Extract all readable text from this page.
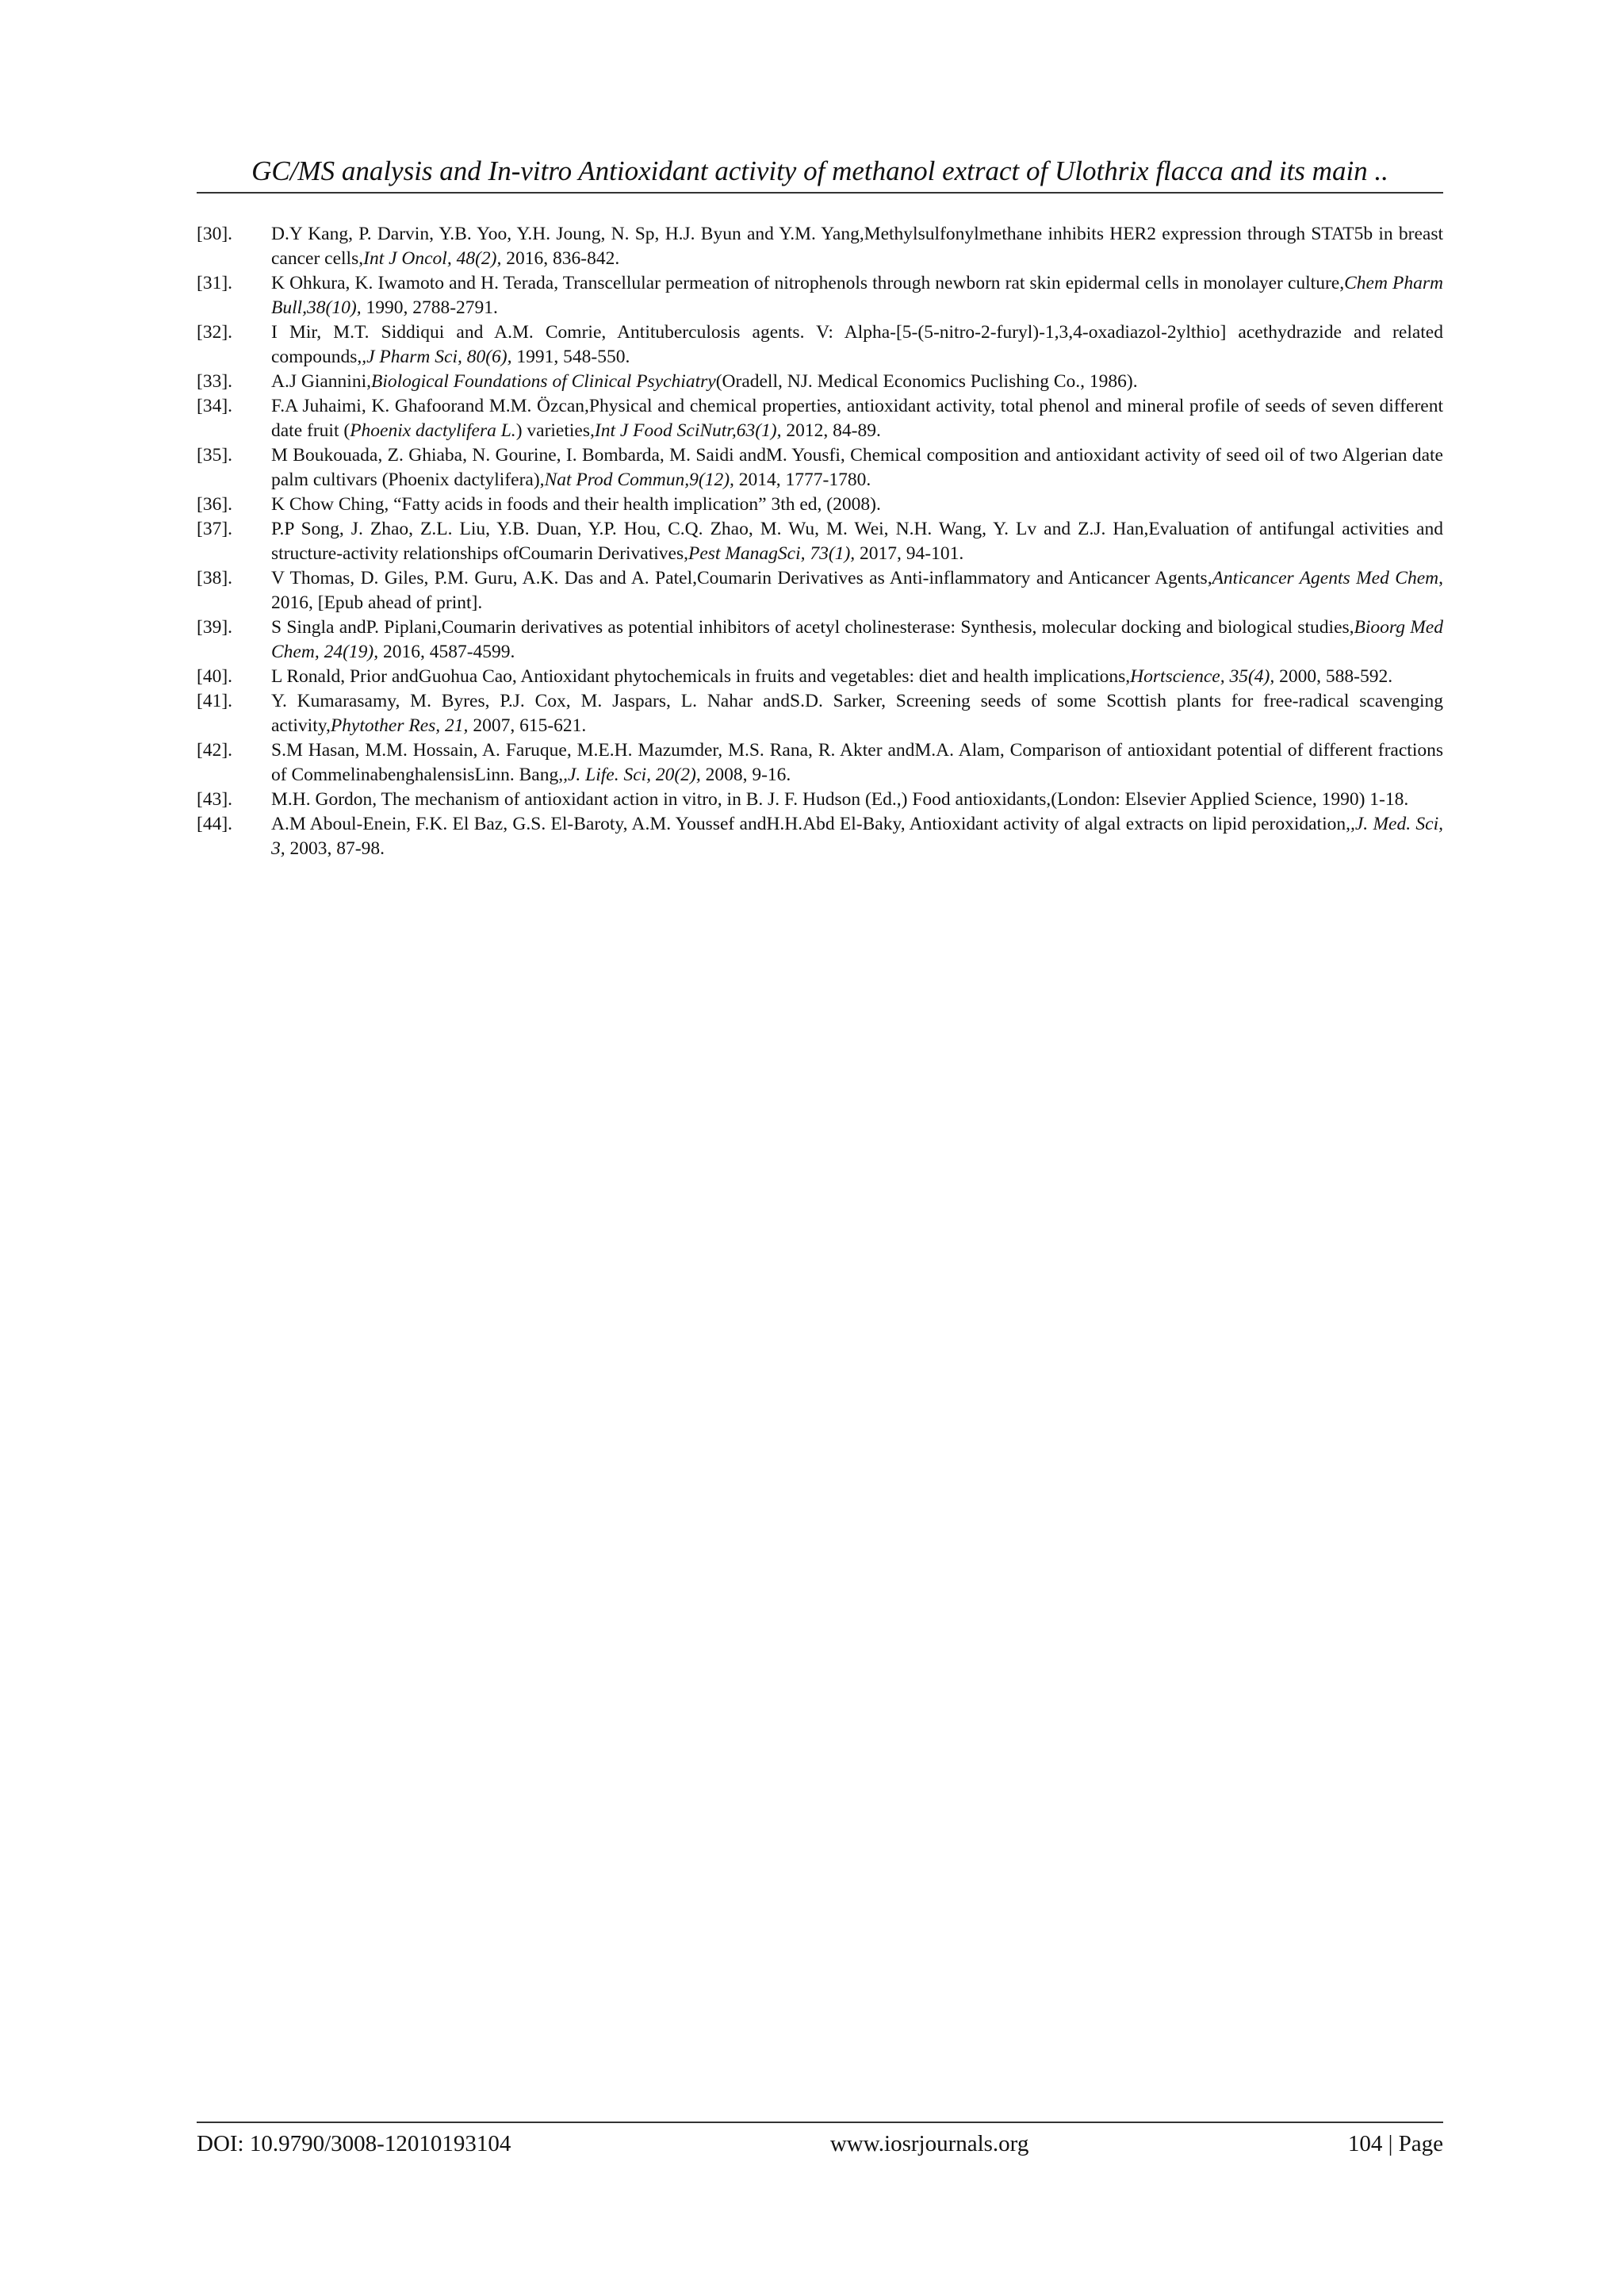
GC/MS analysis and In-vitro Antioxidant activity of methanol extract of Ulothrix flacca and its main ..
[30].	D.Y Kang, P. Darvin, Y.B. Yoo, Y.H. Joung, N. Sp, H.J. Byun and Y.M. Yang,Methylsulfonylmethane inhibits HER2 expression through STAT5b in breast cancer cells,Int J Oncol, 48(2), 2016, 836-842.
[31].	K Ohkura, K. Iwamoto and H. Terada, Transcellular permeation of nitrophenols through newborn rat skin epidermal cells in monolayer culture,Chem Pharm Bull,38(10), 1990, 2788-2791.
[32].	I Mir, M.T. Siddiqui and A.M. Comrie, Antituberculosis agents. V: Alpha-[5-(5-nitro-2-furyl)-1,3,4-oxadiazol-2ylthio] acethydrazide and related compounds,,J Pharm Sci, 80(6), 1991, 548-550.
[33].	A.J Giannini,Biological Foundations of Clinical Psychiatry(Oradell, NJ. Medical Economics Puclishing Co., 1986).
[34].	F.A Juhaimi, K. Ghafoorand M.M. Özcan,Physical and chemical properties, antioxidant activity, total phenol and mineral profile of seeds of seven different date fruit (Phoenix dactylifera L.) varieties,Int J Food SciNutr,63(1), 2012, 84-89.
[35].	M Boukouada, Z. Ghiaba, N. Gourine, I. Bombarda, M. Saidi andM. Yousfi, Chemical composition and antioxidant activity of seed oil of two Algerian date palm cultivars (Phoenix dactylifera),Nat Prod Commun,9(12), 2014, 1777-1780.
[36].	K Chow Ching, “Fatty acids in foods and their health implication” 3th ed, (2008).
[37].	P.P Song, J. Zhao, Z.L. Liu, Y.B. Duan, Y.P. Hou, C.Q. Zhao, M. Wu, M. Wei, N.H. Wang, Y. Lv and Z.J. Han,Evaluation of antifungal activities and structure-activity relationships ofCoumarin Derivatives,Pest ManagSci, 73(1), 2017, 94-101.
[38].	V Thomas, D. Giles, P.M. Guru, A.K. Das and A. Patel,Coumarin Derivatives as Anti-inflammatory and Anticancer Agents,Anticancer Agents Med Chem, 2016, [Epub ahead of print].
[39].	S Singla andP. Piplani,Coumarin derivatives as potential inhibitors of acetyl cholinesterase: Synthesis, molecular docking and biological studies,Bioorg Med Chem, 24(19), 2016, 4587-4599.
[40].	L Ronald, Prior andGuohua Cao, Antioxidant phytochemicals in fruits and vegetables: diet and health implications,Hortscience, 35(4), 2000, 588-592.
[41].	Y. Kumarasamy, M. Byres, P.J. Cox, M. Jaspars, L. Nahar andS.D. Sarker, Screening seeds of some Scottish plants for free-radical scavenging activity,Phytother Res, 21, 2007, 615-621.
[42].	S.M Hasan, M.M. Hossain, A. Faruque, M.E.H. Mazumder, M.S. Rana, R. Akter andM.A. Alam, Comparison of antioxidant potential of different fractions of CommelinabenghalensisLinn. Bang,,J. Life. Sci, 20(2), 2008, 9-16.
[43].	M.H. Gordon, The mechanism of antioxidant action in vitro, in B. J. F. Hudson (Ed.,) Food antioxidants,(London: Elsevier Applied Science, 1990) 1-18.
[44].	A.M Aboul-Enein, F.K. El Baz, G.S. El-Baroty, A.M. Youssef andH.H.Abd El-Baky, Antioxidant activity of algal extracts on lipid peroxidation,,J. Med. Sci, 3, 2003, 87-98.
DOI: 10.9790/3008-12010193104	www.iosrjournals.org	104 | Page
